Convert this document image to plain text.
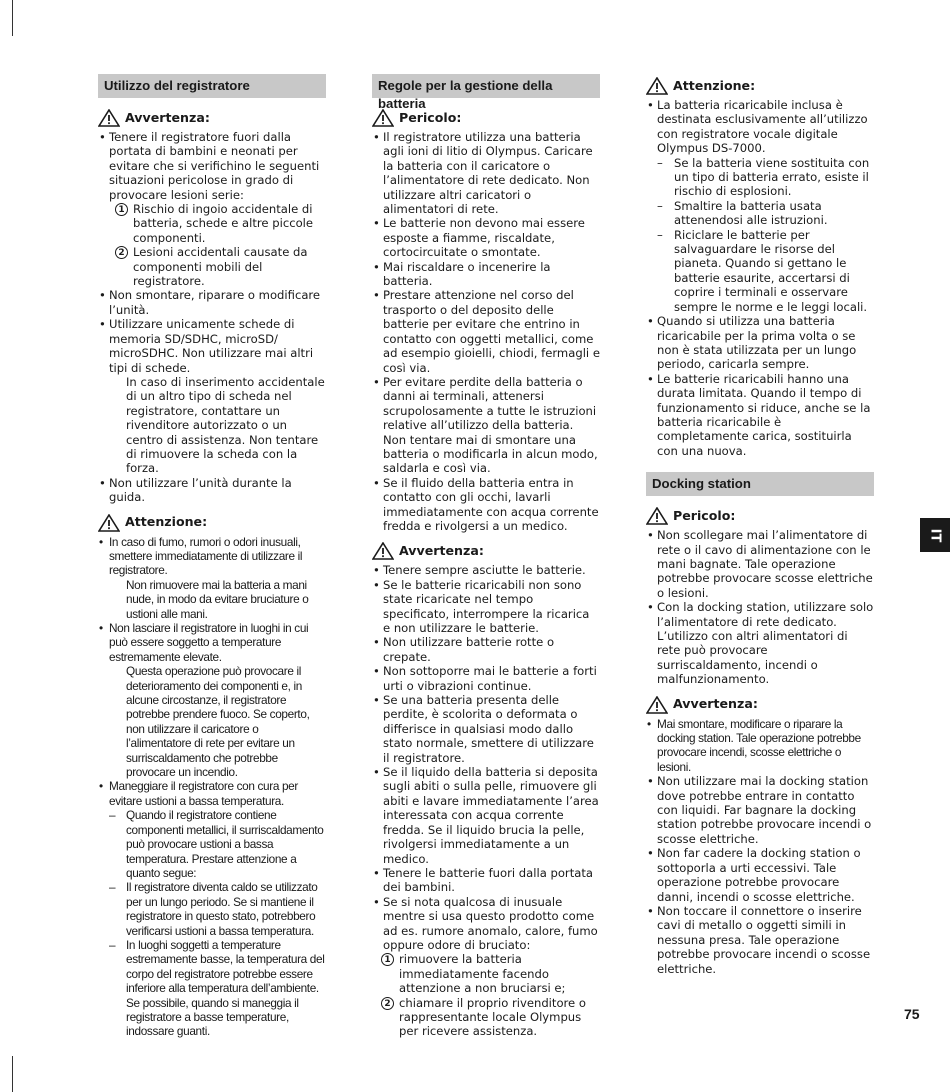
Utilizzo del registratore
Avvertenza:
• Tenere il registratore fuori dalla portata di bambini e neonati per evitare che si verifichino le seguenti situazioni pericolose in grado di provocare lesioni serie:
1 Rischio di ingoio accidentale di batteria, schede e altre piccole componenti.
2 Lesioni accidentali causate da componenti mobili del registratore.
• Non smontare, riparare o modificare l’unità.
• Utilizzare unicamente schede di memoria SD/SDHC, microSD/ microSDHC. Non utilizzare mai altri tipi di schede.
In caso di inserimento accidentale di un altro tipo di scheda nel registratore, contattare un rivenditore autorizzato o un centro di assistenza. Non tentare di rimuovere la scheda con la forza.
• Non utilizzare l’unità durante la guida.
Attenzione:
• In caso di fumo, rumori o odori inusuali, smettere immediatamente di utilizzare il registratore.
Non rimuovere mai la batteria a mani nude, in modo da evitare bruciature o ustioni alle mani.
• Non lasciare il registratore in luoghi in cui può essere soggetto a temperature estremamente elevate.
Questa operazione può provocare il deterioramento dei componenti e, in alcune circostanze, il registratore potrebbe prendere fuoco. Se coperto, non utilizzare il caricatore o l’alimentatore di rete per evitare un surriscaldamento che potrebbe provocare un incendio.
• Maneggiare il registratore con cura per evitare ustioni a bassa temperatura.
– Quando il registratore contiene componenti metallici, il surriscaldamento può provocare ustioni a bassa temperatura. Prestare attenzione a quanto segue:
– Il registratore diventa caldo se utilizzato per un lungo periodo. Se si mantiene il registratore in questo stato, potrebbero verificarsi ustioni a bassa temperatura.
– In luoghi soggetti a temperature estremamente basse, la temperatura del corpo del registratore potrebbe essere inferiore alla temperatura dell’ambiente. Se possibile, quando si maneggia il registratore a basse temperature, indossare guanti.
Regole per la gestione della batteria
Pericolo:
• Il registratore utilizza una batteria agli ioni di litio di Olympus. Caricare la batteria con il caricatore o l’alimentatore di rete dedicato. Non utilizzare altri caricatori o alimentatori di rete.
• Le batterie non devono mai essere esposte a fiamme, riscaldate, cortocircuitate o smontate.
• Mai riscaldare o incenerire la batteria.
• Prestare attenzione nel corso del trasporto o del deposito delle batterie per evitare che entrino in contatto con oggetti metallici, come ad esempio gioielli, chiodi, fermagli e così via.
• Per evitare perdite della batteria o danni ai terminali, attenersi scrupolosamente a tutte le istruzioni relative all’utilizzo della batteria. Non tentare mai di smontare una batteria o modificarla in alcun modo, saldarla e così via.
• Se il fluido della batteria entra in contatto con gli occhi, lavarli immediatamente con acqua corrente fredda e rivolgersi a un medico.
Avvertenza:
• Tenere sempre asciutte le batterie.
• Se le batterie ricaricabili non sono state ricaricate nel tempo specificato, interrompere la ricarica e non utilizzare le batterie.
• Non utilizzare batterie rotte o crepate.
• Non sottoporre mai le batterie a forti urti o vibrazioni continue.
• Se una batteria presenta delle perdite, è scolorita o deformata o differisce in qualsiasi modo dallo stato normale, smettere di utilizzare il registratore.
• Se il liquido della batteria si deposita sugli abiti o sulla pelle, rimuovere gli abiti e lavare immediatamente l’area interessata con acqua corrente fredda. Se il liquido brucia la pelle, rivolgersi immediatamente a un medico.
• Tenere le batterie fuori dalla portata dei bambini.
• Se si nota qualcosa di inusuale mentre si usa questo prodotto come ad es. rumore anomalo, calore, fumo oppure odore di bruciato:
1 rimuovere la batteria immediatamente facendo attenzione a non bruciarsi e;
2 chiamare il proprio rivenditore o rappresentante locale Olympus per ricevere assistenza.
Attenzione:
• La batteria ricaricabile inclusa è destinata esclusivamente all’utilizzo con registratore vocale digitale Olympus DS-7000.
– Se la batteria viene sostituita con un tipo di batteria errato, esiste il rischio di esplosioni.
– Smaltire la batteria usata attenendosi alle istruzioni.
– Riciclare le batterie per salvaguardare le risorse del pianeta. Quando si gettano le batterie esaurite, accertarsi di coprire i terminali e osservare sempre le norme e le leggi locali.
• Quando si utilizza una batteria ricaricabile per la prima volta o se non è stata utilizzata per un lungo periodo, caricarla sempre.
• Le batterie ricaricabili hanno una durata limitata. Quando il tempo di funzionamento si riduce, anche se la batteria ricaricabile è completamente carica, sostituirla con una nuova.
Docking station
Pericolo:
• Non scollegare mai l’alimentatore di rete o il cavo di alimentazione con le mani bagnate. Tale operazione potrebbe provocare scosse elettriche o lesioni.
• Con la docking station, utilizzare solo l’alimentatore di rete dedicato. L’utilizzo con altri alimentatori di rete può provocare surriscaldamento, incendi o malfunzionamento.
Avvertenza:
• Mai smontare, modificare o riparare la docking station. Tale operazione potrebbe provocare incendi, scosse elettriche o lesioni.
• Non utilizzare mai la docking station dove potrebbe entrare in contatto con liquidi. Far bagnare la docking station potrebbe provocare incendi o scosse elettriche.
• Non far cadere la docking station o sottoporla a urti eccessivi. Tale operazione potrebbe provocare danni, incendi o scosse elettriche.
• Non toccare il connettore o inserire cavi di metallo o oggetti simili in nessuna presa. Tale operazione potrebbe provocare incendi o scosse elettriche.
IT
75
